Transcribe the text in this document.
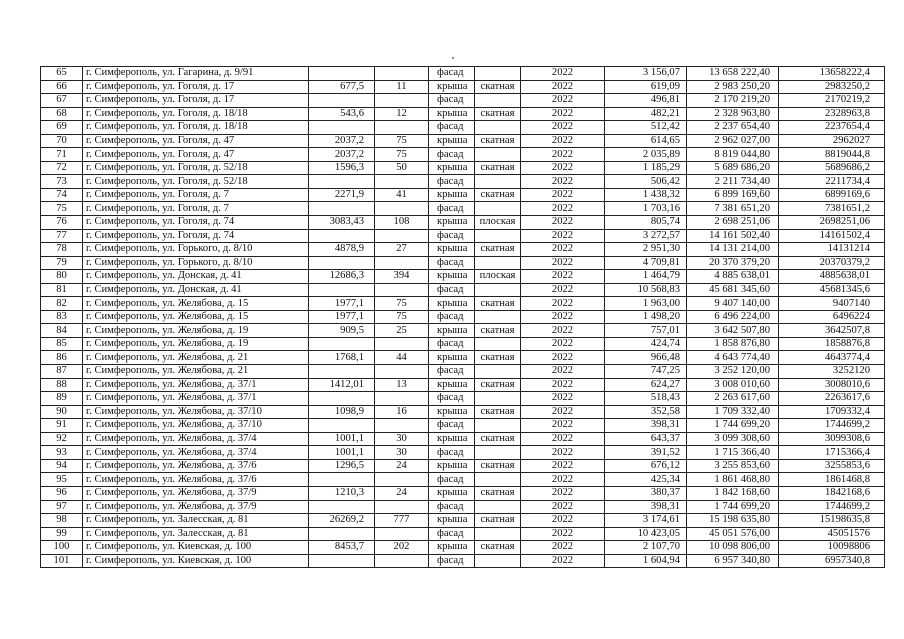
65	г. Симферополь, ул. Гагарина, д. 9/91			фасад		2022	3 156,07	13 658 222,40	13658222,4
66	г. Симферополь, ул. Гоголя, д. 17	677,5	11	крыша	скатная	2022	619,09	2 983 250,20	2983250,2
67	г. Симферополь, ул. Гоголя, д. 17			фасад		2022	496,81	2 170 219,20	2170219,2
68	г. Симферополь, ул. Гоголя, д. 18/18	543,6	12	крыша	скатная	2022	482,21	2 328 963,80	2328963,8
69	г. Симферополь, ул. Гоголя, д. 18/18			фасад		2022	512,42	2 237 654,40	2237654,4
70	г. Симферополь, ул. Гоголя, д. 47	2037,2	75	крыша	скатная	2022	614,65	2 962 027,00	2962027
71	г. Симферополь, ул. Гоголя, д. 47	2037,2	75	фасад		2022	2 035,89	8 819 044,80	8819044,8
72	г. Симферополь, ул. Гоголя, д. 52/18	1596,3	50	крыша	скатная	2022	1 185,29	5 689 686,20	5689686,2
73	г. Симферополь, ул. Гоголя, д. 52/18			фасад		2022	506,42	2 211 734,40	2211734,4
74	г. Симферополь, ул. Гоголя, д. 7	2271,9	41	крыша	скатная	2022	1 438,32	6 899 169,60	6899169,6
75	г. Симферополь, ул. Гоголя, д. 7			фасад		2022	1 703,16	7 381 651,20	7381651,2
76	г. Симферополь, ул. Гоголя, д. 74	3083,43	108	крыша	плоская	2022	805,74	2 698 251,06	2698251,06
77	г. Симферополь, ул. Гоголя, д. 74			фасад		2022	3 272,57	14 161 502,40	14161502,4
78	г. Симферополь, ул. Горького, д. 8/10	4878,9	27	крыша	скатная	2022	2 951,30	14 131 214,00	14131214
79	г. Симферополь, ул. Горького, д. 8/10			фасад		2022	4 709,81	20 370 379,20	20370379,2
80	г. Симферополь, ул. Донская, д. 41	12686,3	394	крыша	плоская	2022	1 464,79	4 885 638,01	4885638,01
81	г. Симферополь, ул. Донская, д. 41			фасад		2022	10 568,83	45 681 345,60	45681345,6
82	г. Симферополь, ул. Желябова, д. 15	1977,1	75	крыша	скатная	2022	1 963,00	9 407 140,00	9407140
83	г. Симферополь, ул. Желябова, д. 15	1977,1	75	фасад		2022	1 498,20	6 496 224,00	6496224
84	г. Симферополь, ул. Желябова, д. 19	909,5	25	крыша	скатная	2022	757,01	3 642 507,80	3642507,8
85	г. Симферополь, ул. Желябова, д. 19			фасад		2022	424,74	1 858 876,80	1858876,8
86	г. Симферополь, ул. Желябова, д. 21	1768,1	44	крыша	скатная	2022	966,48	4 643 774,40	4643774,4
87	г. Симферополь, ул. Желябова, д. 21			фасад		2022	747,25	3 252 120,00	3252120
88	г. Симферополь, ул. Желябова, д. 37/1	1412,01	13	крыша	скатная	2022	624,27	3 008 010,60	3008010,6
89	г. Симферополь, ул. Желябова, д. 37/1			фасад		2022	518,43	2 263 617,60	2263617,6
90	г. Симферополь, ул. Желябова, д. 37/10	1098,9	16	крыша	скатная	2022	352,58	1 709 332,40	1709332,4
91	г. Симферополь, ул. Желябова, д. 37/10			фасад		2022	398,31	1 744 699,20	1744699,2
92	г. Симферополь, ул. Желябова, д. 37/4	1001,1	30	крыша	скатная	2022	643,37	3 099 308,60	3099308,6
93	г. Симферополь, ул. Желябова, д. 37/4	1001,1	30	фасад		2022	391,52	1 715 366,40	1715366,4
94	г. Симферополь, ул. Желябова, д. 37/6	1296,5	24	крыша	скатная	2022	676,12	3 255 853,60	3255853,6
95	г. Симферополь, ул. Желябова, д. 37/6			фасад		2022	425,34	1 861 468,80	1861468,8
96	г. Симферополь, ул. Желябова, д. 37/9	1210,3	24	крыша	скатная	2022	380,37	1 842 168,60	1842168,6
97	г. Симферополь, ул. Желябова, д. 37/9			фасад		2022	398,31	1 744 699,20	1744699,2
98	г. Симферополь, ул. Залесская, д. 81	26269,2	777	крыша	скатная	2022	3 174,61	15 198 635,80	15198635,8
99	г. Симферополь, ул. Залесская, д. 81			фасад		2022	10 423,05	45 051 576,00	45051576
100	г. Симферополь, ул. Киевская, д. 100	8453,7	202	крыша	скатная	2022	2 107,70	10 098 806,00	10098806
101	г. Симферополь, ул. Киевская, д. 100			фасад		2022	1 604,94	6 957 340,80	6957340,8
